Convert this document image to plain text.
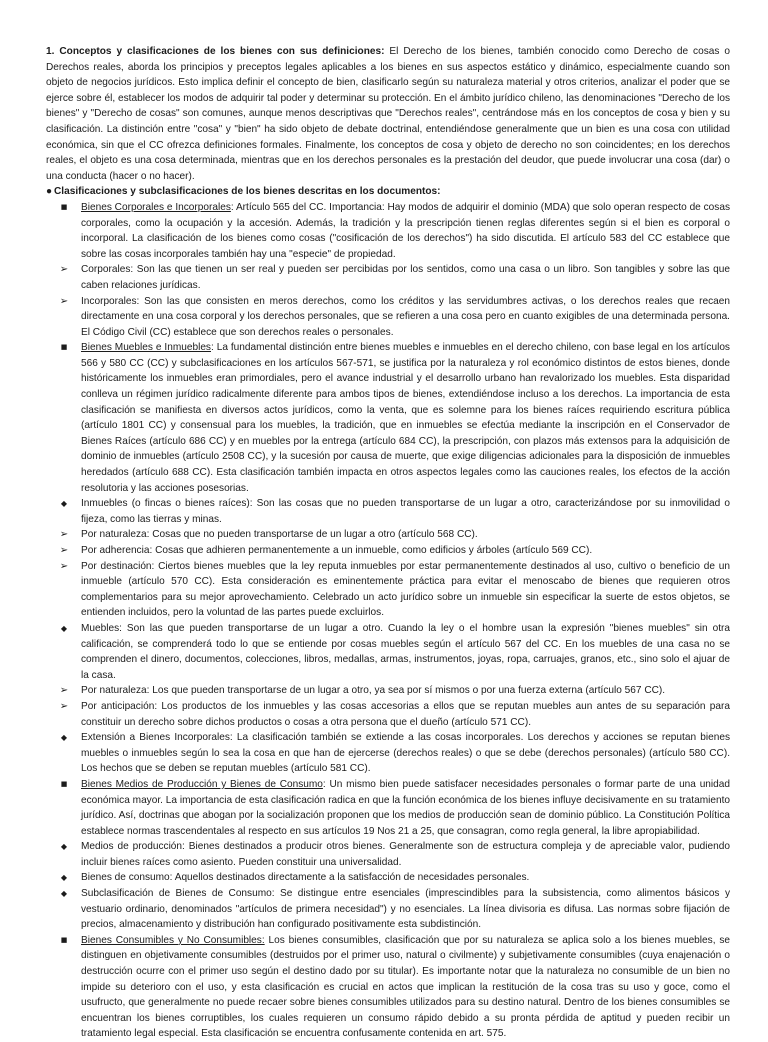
1. Conceptos y clasificaciones de los bienes con sus definiciones: El Derecho de los bienes, también conocido como Derecho de cosas o Derechos reales, aborda los principios y preceptos legales aplicables a los bienes en sus aspectos estático y dinámico, especialmente cuando son objeto de negocios jurídicos. Esto implica definir el concepto de bien, clasificarlo según su naturaleza material y otros criterios, analizar el poder que se ejerce sobre él, establecer los modos de adquirir tal poder y determinar su protección. En el ámbito jurídico chileno, las denominaciones "Derecho de los bienes" y "Derecho de cosas" son comunes, aunque menos descriptivas que "Derechos reales", centrándose más en los conceptos de cosa y bien y su clasificación. La distinción entre "cosa" y "bien" ha sido objeto de debate doctrinal, entendiéndose generalmente que un bien es una cosa con utilidad económica, sin que el CC ofrezca definiciones formales. Finalmente, los conceptos de cosa y objeto de derecho no son coincidentes; en los derechos reales, el objeto es una cosa determinada, mientras que en los derechos personales es la prestación del deudor, que puede involucrar una cosa (dar) o una conducta (hacer o no hacer).

● Clasificaciones y subclasificaciones de los bienes descritas en los documentos:

■	Bienes Corporales e Incorporales: Artículo 565 del CC. Importancia: Hay modos de adquirir el dominio (MDA) que solo operan respecto de cosas corporales, como la ocupación y la accesión. Además, la tradición y la prescripción tienen reglas diferentes según si el bien es corporal o incorporal. La clasificación de los bienes como cosas ("cosificación de los derechos") ha sido discutida. El artículo 583 del CC establece que sobre las cosas incorporales también hay una "especie" de propiedad.
➢ Corporales: Son las que tienen un ser real y pueden ser percibidas por los sentidos, como una casa o un libro. Son tangibles y sobre las que caben relaciones jurídicas.
➢ Incorporales: Son las que consisten en meros derechos, como los créditos y las servidumbres activas, o los derechos reales que recaen directamente en una cosa corporal y los derechos personales, que se refieren a una cosa pero en cuanto exigibles de una determinada persona. El Código Civil (CC) establece que son derechos reales o personales.
■	Bienes Muebles e Inmuebles: La fundamental distinción entre bienes muebles e inmuebles en el derecho chileno, con base legal en los artículos 566 y 580 CC (CC) y subclasificaciones en los artículos 567-571, se justifica por la naturaleza y rol económico distintos de estos bienes, donde históricamente los inmuebles eran primordiales, pero el avance industrial y el desarrollo urbano han revalorizado los muebles. Esta disparidad conlleva un régimen jurídico radicalmente diferente para ambos tipos de bienes, extendiéndose incluso a los derechos. La importancia de esta clasificación se manifiesta en diversos actos jurídicos, como la venta, que es solemne para los bienes raíces requiriendo escritura pública (artículo 1801 CC) y consensual para los muebles, la tradición, que en inmuebles se efectúa mediante la inscripción en el Conservador de Bienes Raíces (artículo 686 CC) y en muebles por la entrega (artículo 684 CC), la prescripción, con plazos más extensos para la adquisición de dominio de inmuebles (artículo 2508 CC), y la sucesión por causa de muerte, que exige diligencias adicionales para la disposición de inmuebles heredados (artículo 688 CC). Esta clasificación también impacta en otros aspectos legales como las cauciones reales, los efectos de la acción resolutoria y las acciones posesorias.
◆	Inmuebles (o fincas o bienes raíces): Son las cosas que no pueden transportarse de un lugar a otro, caracterizándose por su inmovilidad o fijeza, como las tierras y minas.
➢ Por naturaleza: Cosas que no pueden transportarse de un lugar a otro (artículo 568 CC).
➢ Por adherencia: Cosas que adhieren permanentemente a un inmueble, como edificios y árboles (artículo 569 CC).
➢ Por destinación: Ciertos bienes muebles que la ley reputa inmuebles por estar permanentemente destinados al uso, cultivo o beneficio de un inmueble (artículo 570 CC). Esta consideración es eminentemente práctica para evitar el menoscabo de bienes que requieren otros complementarios para su mejor aprovechamiento. Celebrado un acto jurídico sobre un inmueble sin especificar la suerte de estos objetos, se entienden incluidos, pero la voluntad de las partes puede excluirlos.
◆	Muebles: Son las que pueden transportarse de un lugar a otro. Cuando la ley o el hombre usan la expresión "bienes muebles" sin otra calificación, se comprenderá todo lo que se entiende por cosas muebles según el artículo 567 del CC. En los muebles de una casa no se comprenden el dinero, documentos, colecciones, libros, medallas, armas, instrumentos, joyas, ropa, carruajes, granos, etc., sino solo el ajuar de la casa.
➢ Por naturaleza: Los que pueden transportarse de un lugar a otro, ya sea por sí mismos o por una fuerza externa (artículo 567 CC).
➢ Por anticipación: Los productos de los inmuebles y las cosas accesorias a ellos que se reputan muebles aun antes de su separación para constituir un derecho sobre dichos productos o cosas a otra persona que el dueño (artículo 571 CC).
◆	Extensión a Bienes Incorporales: La clasificación también se extiende a las cosas incorporales. Los derechos y acciones se reputan bienes muebles o inmuebles según lo sea la cosa en que han de ejercerse (derechos reales) o que se debe (derechos personales) (artículo 580 CC). Los hechos que se deben se reputan muebles (artículo 581 CC).
■	Bienes Medios de Producción y Bienes de Consumo: Un mismo bien puede satisfacer necesidades personales o formar parte de una unidad económica mayor. La importancia de esta clasificación radica en que la función económica de los bienes influye decisivamente en su tratamiento jurídico. Así, doctrinas que abogan por la socialización proponen que los medios de producción sean de dominio público. La Constitución Política establece normas trascendentales al respecto en sus artículos 19 Nos 21 a 25, que consagran, como regla general, la libre apropiabilidad.
◆	Medios de producción: Bienes destinados a producir otros bienes. Generalmente son de estructura compleja y de apreciable valor, pudiendo incluir bienes raíces como asiento. Pueden constituir una universalidad.
◆	Bienes de consumo: Aquellos destinados directamente a la satisfacción de necesidades personales.
◆	Subclasificación de Bienes de Consumo: Se distingue entre esenciales (imprescindibles para la subsistencia, como alimentos básicos y vestuario ordinario, denominados "artículos de primera necesidad") y no esenciales. La línea divisoria es difusa. Las normas sobre fijación de precios, almacenamiento y distribución han configurado positivamente esta subdistinción.
■	Bienes Consumibles y No Consumibles: Los bienes consumibles, clasificación que por su naturaleza se aplica solo a los bienes muebles, se distinguen en objetivamente consumibles (destruidos por el primer uso, natural o civilmente) y subjetivamente consumibles (cuya enajenación o destrucción ocurre con el primer uso según el destino dado por su titular). Es importante notar que la naturaleza no consumible de un bien no impide su deterioro con el uso, y esta clasificación es crucial en actos que implican la restitución de la cosa tras su uso y goce, como el usufructo, que generalmente no puede recaer sobre bienes consumibles utilizados para su destino natural. Dentro de los bienes consumibles se encuentran los bienes corruptibles, los cuales requieren un consumo rápido debido a su pronta pérdida de aptitud y pueden recibir un tratamiento legal especial. Esta clasificación se encuentra confusamente contenida en art. 575.
